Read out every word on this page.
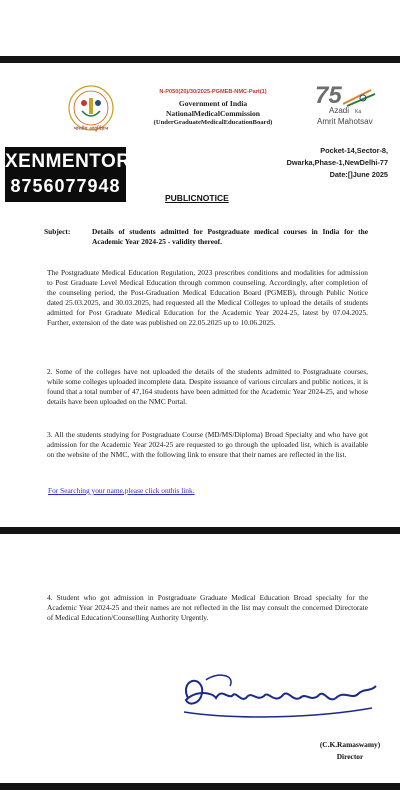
भारतीय आयुर्विज्ञान
N-P050(20)/30/2025-PGMEB-NMC-Part(1)
Government of India
NationalMedicalCommission
(UnderGraduateMedicalEducationBoard)
75
Azadi Ka
Amrit Mahotsav
XENMENTOR
8756077948
Pocket-14,Sector-8,
Dwarka,Phase-1,NewDelhi-77
Date:[]June 2025
PUBLICNOTICE
Subject:	Details of students admitted for Postgraduate medical courses in India for the Academic Year 2024-25 - validity thereof.
The Postgraduate Medical Education Regulation, 2023 prescribes conditions and modalities for admission to Post Graduate Level Medical Education through common counseling. Accordingly, after completion of the counseling period, the Post-Graduation Medical Education Board (PGMEB), through Public Notice dated 25.03.2025, and 30.03.2025, had requested all the Medical Colleges to upload the details of students admitted for Post Graduate Medical Education for the Academic Year 2024-25, latest by 07.04.2025. Further, extension of the date was published on 22.05.2025 up to 10.06.2025.
2. Some of the colleges have not uploaded the details of the students admitted to Postgraduate courses, while some colleges uploaded incomplete data. Despite issuance of various circulars and public notices, it is found that a total number of 47,164 students have been admitted for the Academic Year 2024-25, and whose details have been uploaded on the NMC Portal.
3. All the students studying for Postgraduate Course (MD/MS/Diploma) Broad Specialty and who have got admission for the Academic Year 2024-25 are requested to go through the uploaded list, which is available on the website of the NMC, with the following link to ensure that their names are reflected in the list.
For Searching your name,please click onthis link.
4. Student who got admission in Postgraduate Graduate Medical Education Broad specialty for the Academic Year 2024-25 and their names are not reflected in the list may consult the concerned Directorate of Medical Education/Counselling Authority Urgently.
(C.K.Ramaswamy)
Director
